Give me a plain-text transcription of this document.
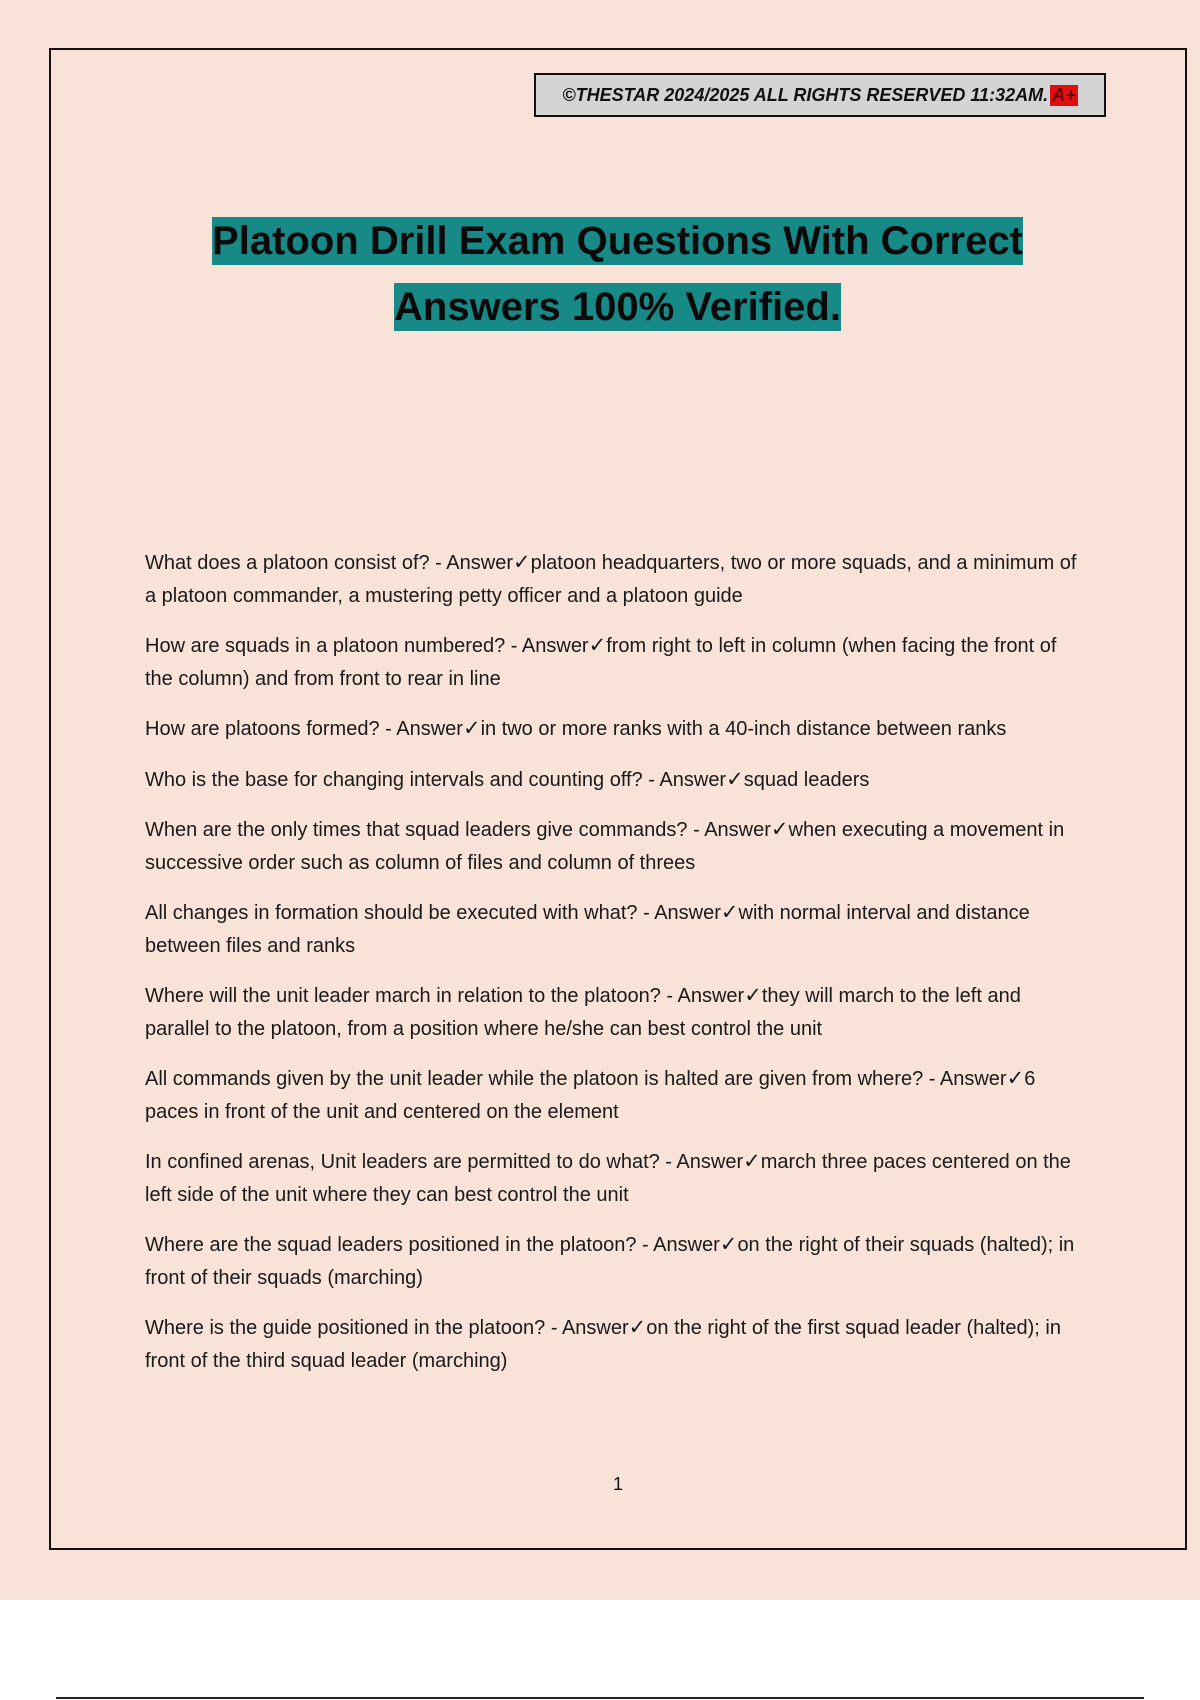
©THESTAR 2024/2025 ALL RIGHTS RESERVED 11:32AM. A+
Platoon Drill Exam Questions With Correct
Answers 100% Verified.
What does a platoon consist of? - Answer✓platoon headquarters, two or more squads, and a minimum of a platoon commander, a mustering petty officer and a platoon guide
How are squads in a platoon numbered? - Answer✓from right to left in column (when facing the front of the column) and from front to rear in line
How are platoons formed? - Answer✓in two or more ranks with a 40-inch distance between ranks
Who is the base for changing intervals and counting off? - Answer✓squad leaders
When are the only times that squad leaders give commands? - Answer✓when executing a movement in successive order such as column of files and column of threes
All changes in formation should be executed with what? - Answer✓with normal interval and distance between files and ranks
Where will the unit leader march in relation to the platoon? - Answer✓they will march to the left and parallel to the platoon, from a position where he/she can best control the unit
All commands given by the unit leader while the platoon is halted are given from where? - Answer✓6 paces in front of the unit and centered on the element
In confined arenas, Unit leaders are permitted to do what? - Answer✓march three paces centered on the left side of the unit where they can best control the unit
Where are the squad leaders positioned in the platoon? - Answer✓on the right of their squads (halted); in front of their squads (marching)
Where is the guide positioned in the platoon? - Answer✓on the right of the first squad leader (halted); in front of the third squad leader (marching)
1
